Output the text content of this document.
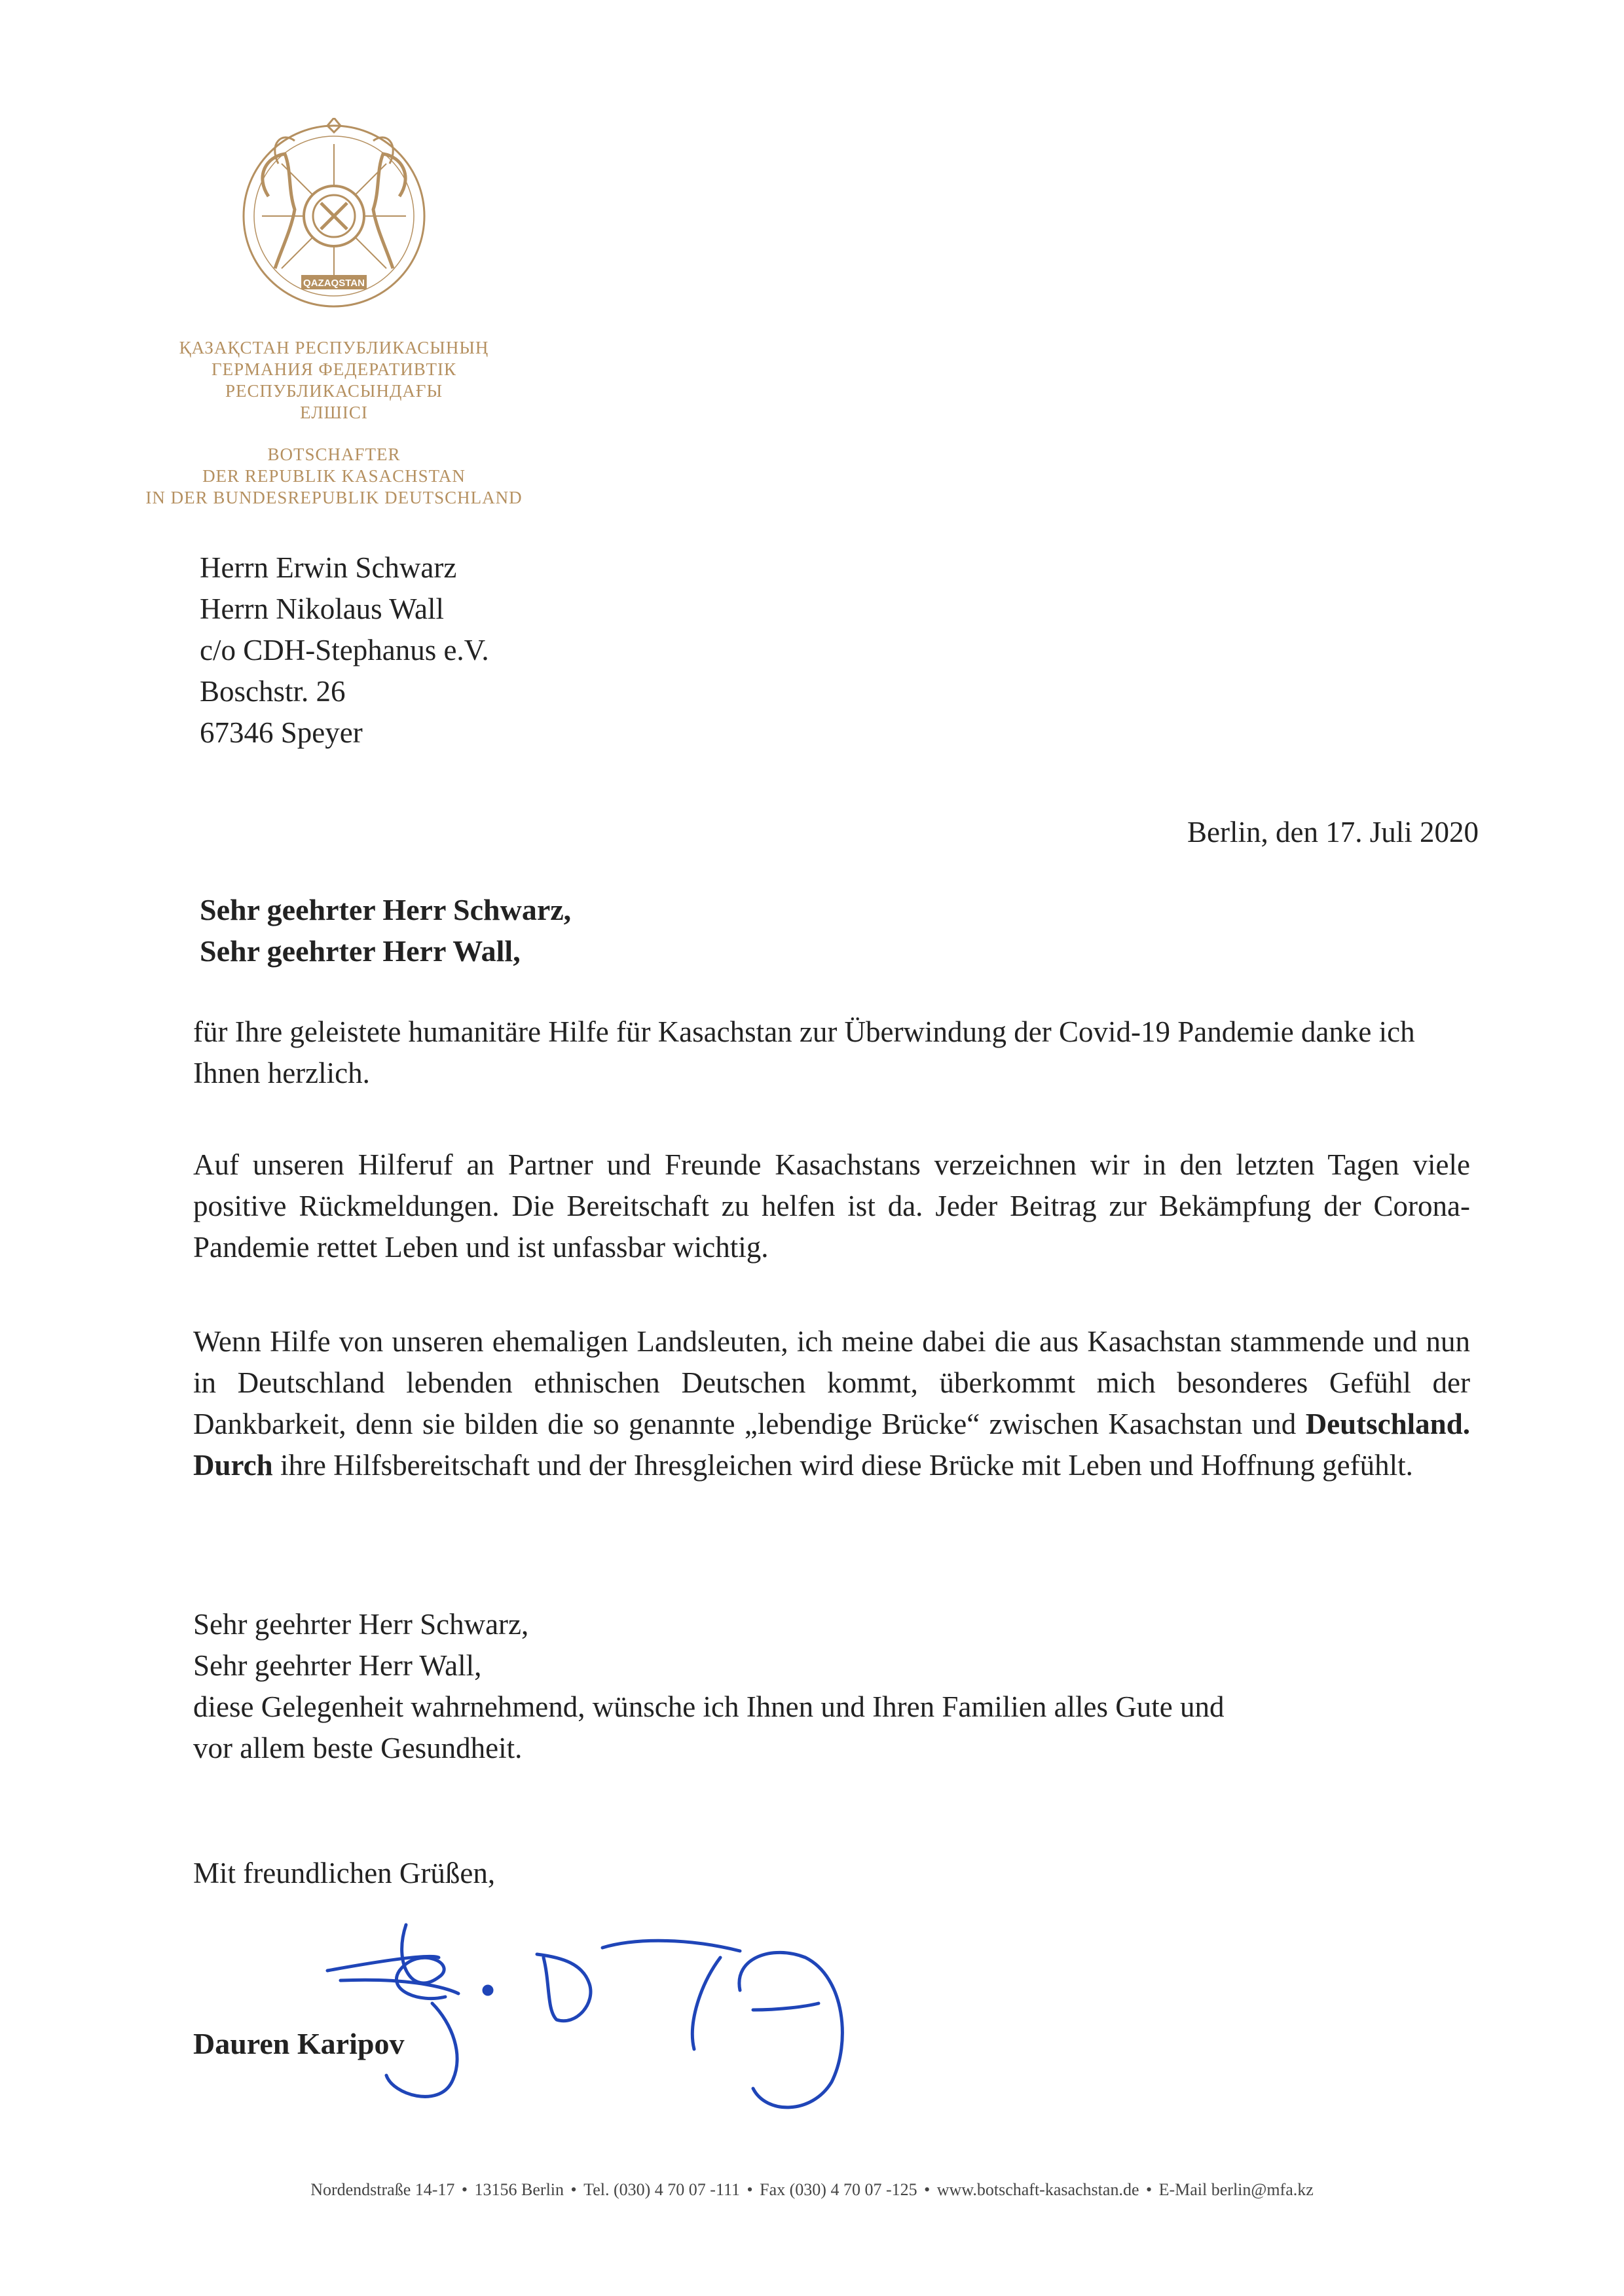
QAZAQSTAN
ҚАЗАҚСТАН РЕСПУБЛИКАСЫНЫҢ
ГЕРМАНИЯ ФЕДЕРАТИВТІК
РЕСПУБЛИКАСЫНДАҒЫ
ЕЛШІСІ
BOTSCHAFTER
DER REPUBLIK KASACHSTAN
IN DER BUNDESREPUBLIK DEUTSCHLAND
Herrn Erwin Schwarz
Herrn Nikolaus Wall
c/o CDH-Stephanus e.V.
Boschstr. 26
67346 Speyer
Berlin, den 17. Juli 2020
Sehr geehrter Herr Schwarz,
Sehr geehrter Herr Wall,
für Ihre geleistete humanitäre Hilfe für Kasachstan zur Überwindung der Covid-19 Pandemie danke ich Ihnen herzlich.
Auf unseren Hilferuf an Partner und Freunde Kasachstans verzeichnen wir in den letzten Tagen viele positive Rückmeldungen. Die Bereitschaft zu helfen ist da. Jeder Beitrag zur Bekämpfung der Corona-Pandemie rettet Leben und ist unfassbar wichtig.
Wenn Hilfe von unseren ehemaligen Landsleuten, ich meine dabei die aus Kasachstan stammende und nun in Deutschland lebenden ethnischen Deutschen kommt, überkommt mich besonderes Gefühl der Dankbarkeit, denn sie bilden die so genannte „lebendige Brücke“ zwischen Kasachstan und Deutschland. Durch ihre Hilfsbereitschaft und der Ihresgleichen wird diese Brücke mit Leben und Hoffnung gefühlt.
Sehr geehrter Herr Schwarz,
Sehr geehrter Herr Wall,
diese Gelegenheit wahrnehmend, wünsche ich Ihnen und Ihren Familien alles Gute und
vor allem beste Gesundheit.
Mit freundlichen Grüßen,
Dauren Karipov
Nordendstraße 14-17 • 13156 Berlin • Tel. (030) 4 70 07 -111 • Fax (030) 4 70 07 -125 • www.botschaft-kasachstan.de • E-Mail berlin@mfa.kz
